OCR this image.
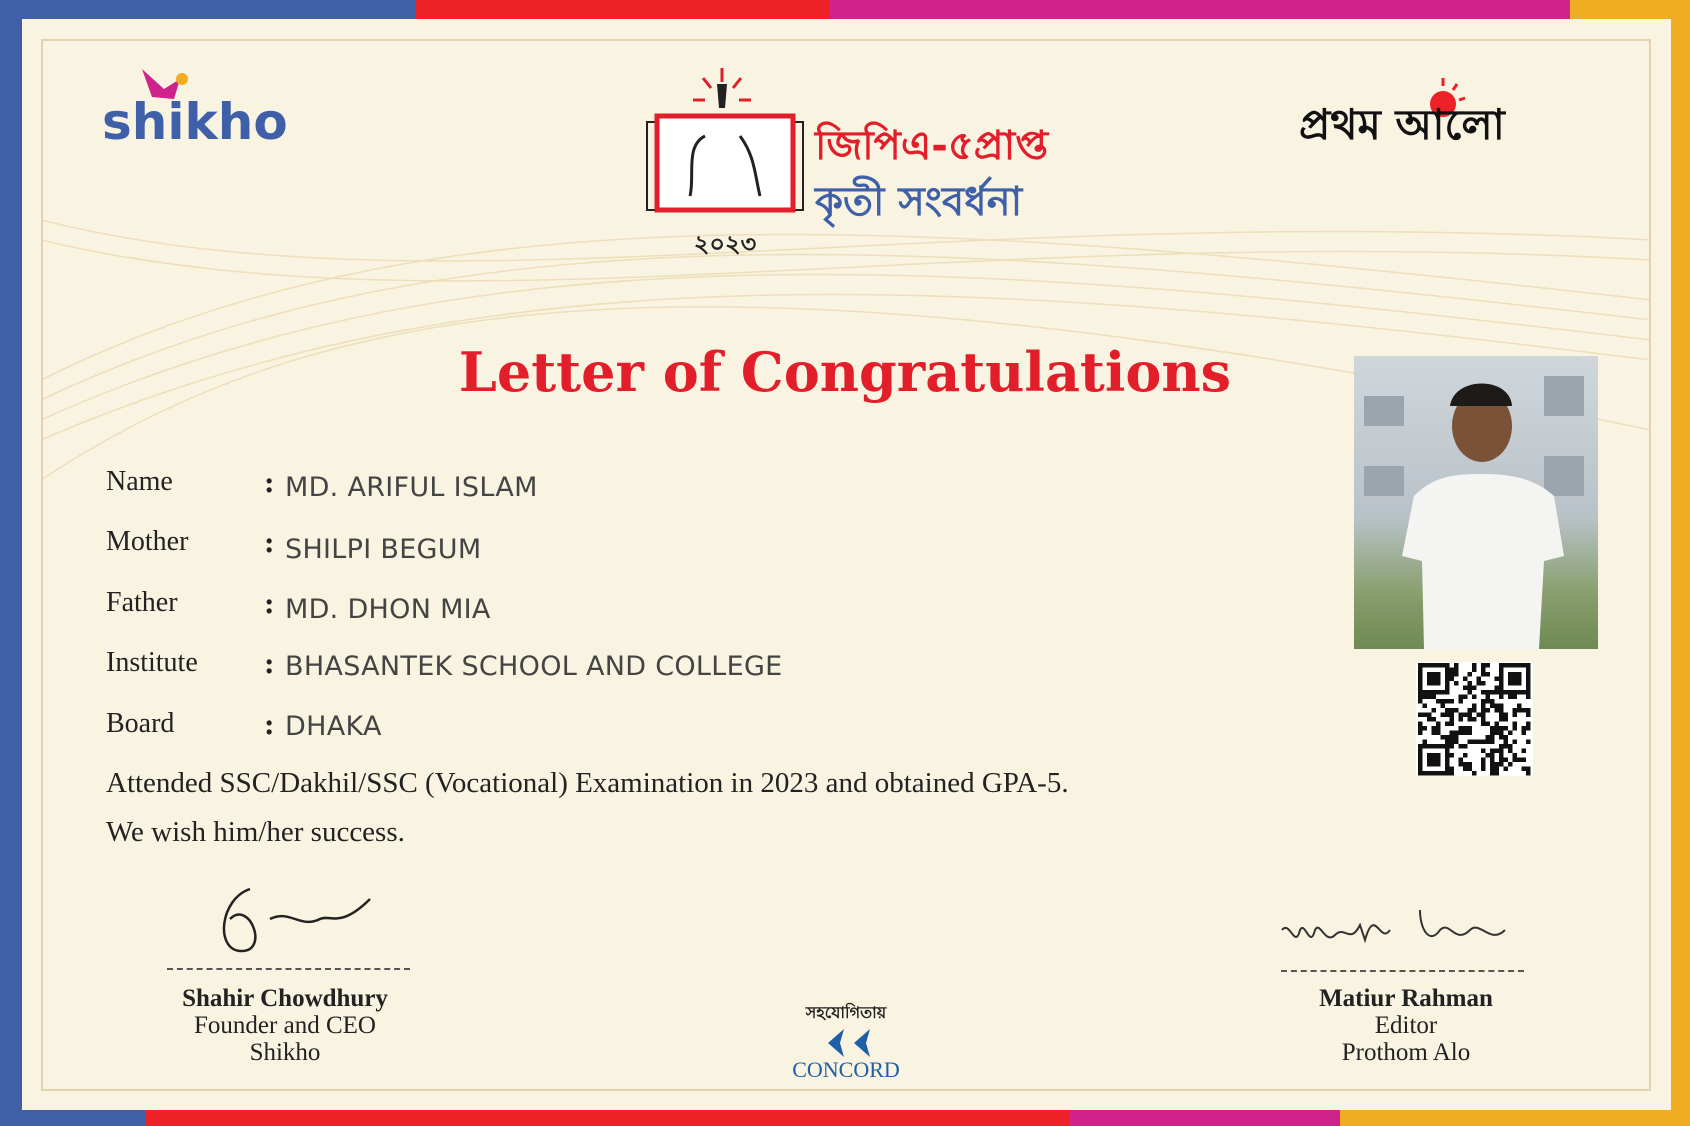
shikho
২০২৩
জিপিএ-৫প্রাপ্ত
কৃতী সংবর্ধনা
প্রথম আলো
Letter of Congratulations
Name	: MD. ARIFUL ISLAM
Mother	: SHILPI BEGUM
Father	: MD. DHON MIA
Institute : BHASANTEK SCHOOL AND COLLEGE
Board	: DHAKA
Attended SSC/Dakhil/SSC (Vocational) Examination in 2023 and obtained GPA-5.
We wish him/her success.
Shahir Chowdhury
Founder and CEO
Shikho
Matiur Rahman
Editor
Prothom Alo
সহযোগিতায়
CONCORD
